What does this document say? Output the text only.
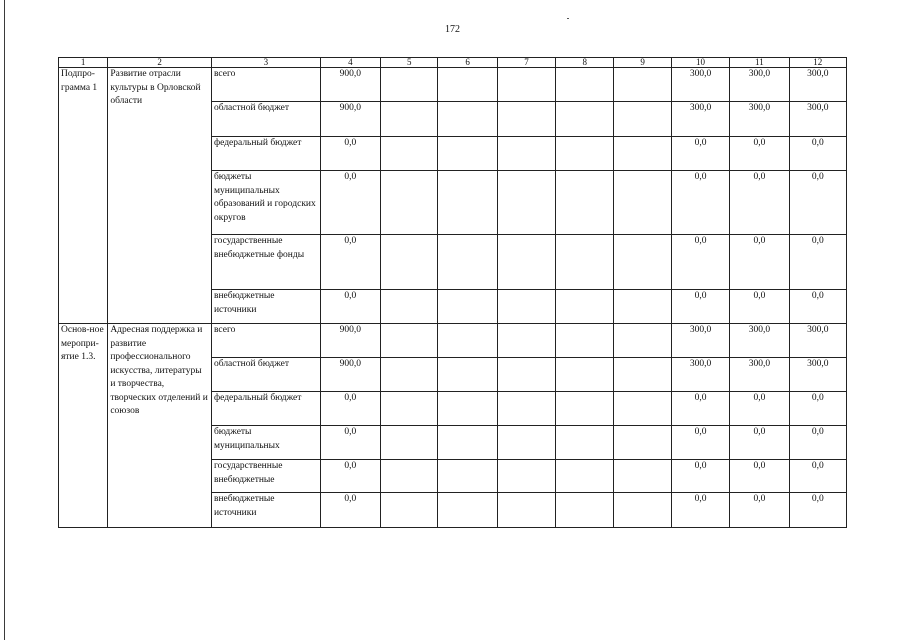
172
1	2	3	4	5	6	7	8	9	10	11	12
Подпро-грамма 1	Развитие отрасли культуры в Орловской области	всего	900,0						300,0	300,0	300,0
		областной бюджет	900,0						300,0	300,0	300,0
		федеральный бюджет	0,0						0,0	0,0	0,0
		бюджеты муниципальных образований и городских округов	0,0						0,0	0,0	0,0
		государственные внебюджетные фонды	0,0						0,0	0,0	0,0
		внебюджетные источники	0,0						0,0	0,0	0,0
Основ-ное меропри-ятие 1.3.	Адресная поддержка и развитие профессионального искусства, литературы и творчества, творческих отделений и союзов	всего	900,0						300,0	300,0	300,0
		областной бюджет	900,0						300,0	300,0	300,0
		федеральный бюджет	0,0						0,0	0,0	0,0
		бюджеты муниципальных	0,0						0,0	0,0	0,0
		государственные внебюджетные	0,0						0,0	0,0	0,0
		внебюджетные источники	0,0						0,0	0,0	0,0
